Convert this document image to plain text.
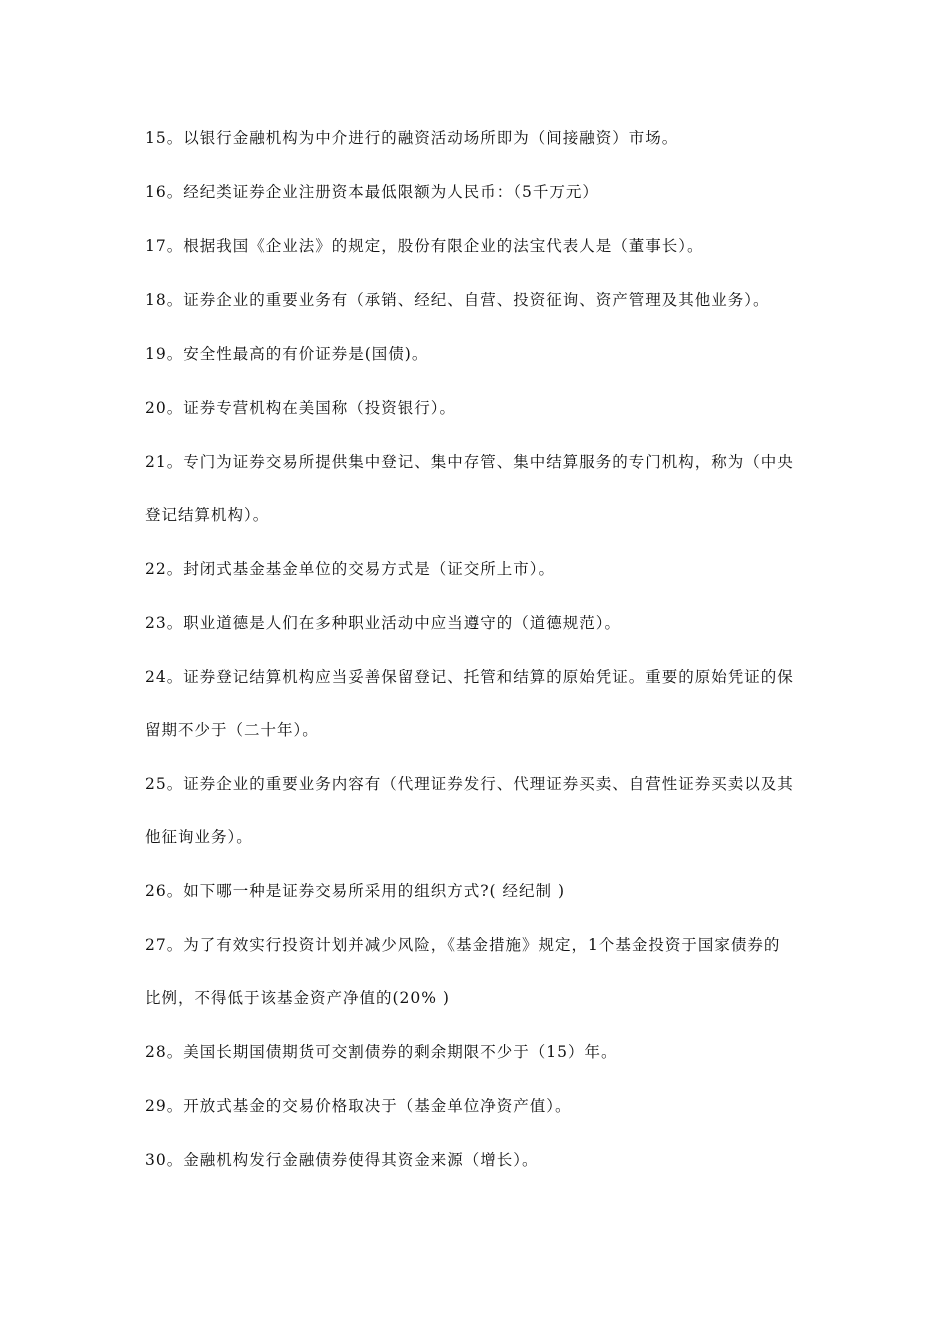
15。以银行金融机构为中介进行的融资活动场所即为（间接融资）市场。
16。经纪类证券企业注册资本最低限额为人民币：（5千万元）
17。根据我国《企业法》的规定，股份有限企业的法宝代表人是（董事长）。
18。证券企业的重要业务有（承销、经纪、自营、投资征询、资产管理及其他业务）。
19。安全性最高的有价证券是(国债)。
20。证券专营机构在美国称（投资银行）。
21。专门为证券交易所提供集中登记、集中存管、集中结算服务的专门机构，称为（中央
登记结算机构）。
22。封闭式基金基金单位的交易方式是（证交所上市）。
23。职业道德是人们在多种职业活动中应当遵守的（道德规范）。
24。证券登记结算机构应当妥善保留登记、托管和结算的原始凭证。重要的原始凭证的保
留期不少于（二十年）。
25。证券企业的重要业务内容有（代理证券发行、代理证券买卖、自营性证券买卖以及其
他征询业务）。
26。如下哪一种是证券交易所采用的组织方式?( 经纪制 )
27。为了有效实行投资计划并减少风险，《基金措施》规定，1个基金投资于国家债券的
比例，不得低于该基金资产净值的(20% )
28。美国长期国债期货可交割债券的剩余期限不少于（15）年。
29。开放式基金的交易价格取决于（基金单位净资产值）。
30。金融机构发行金融债券使得其资金来源（增长）。
